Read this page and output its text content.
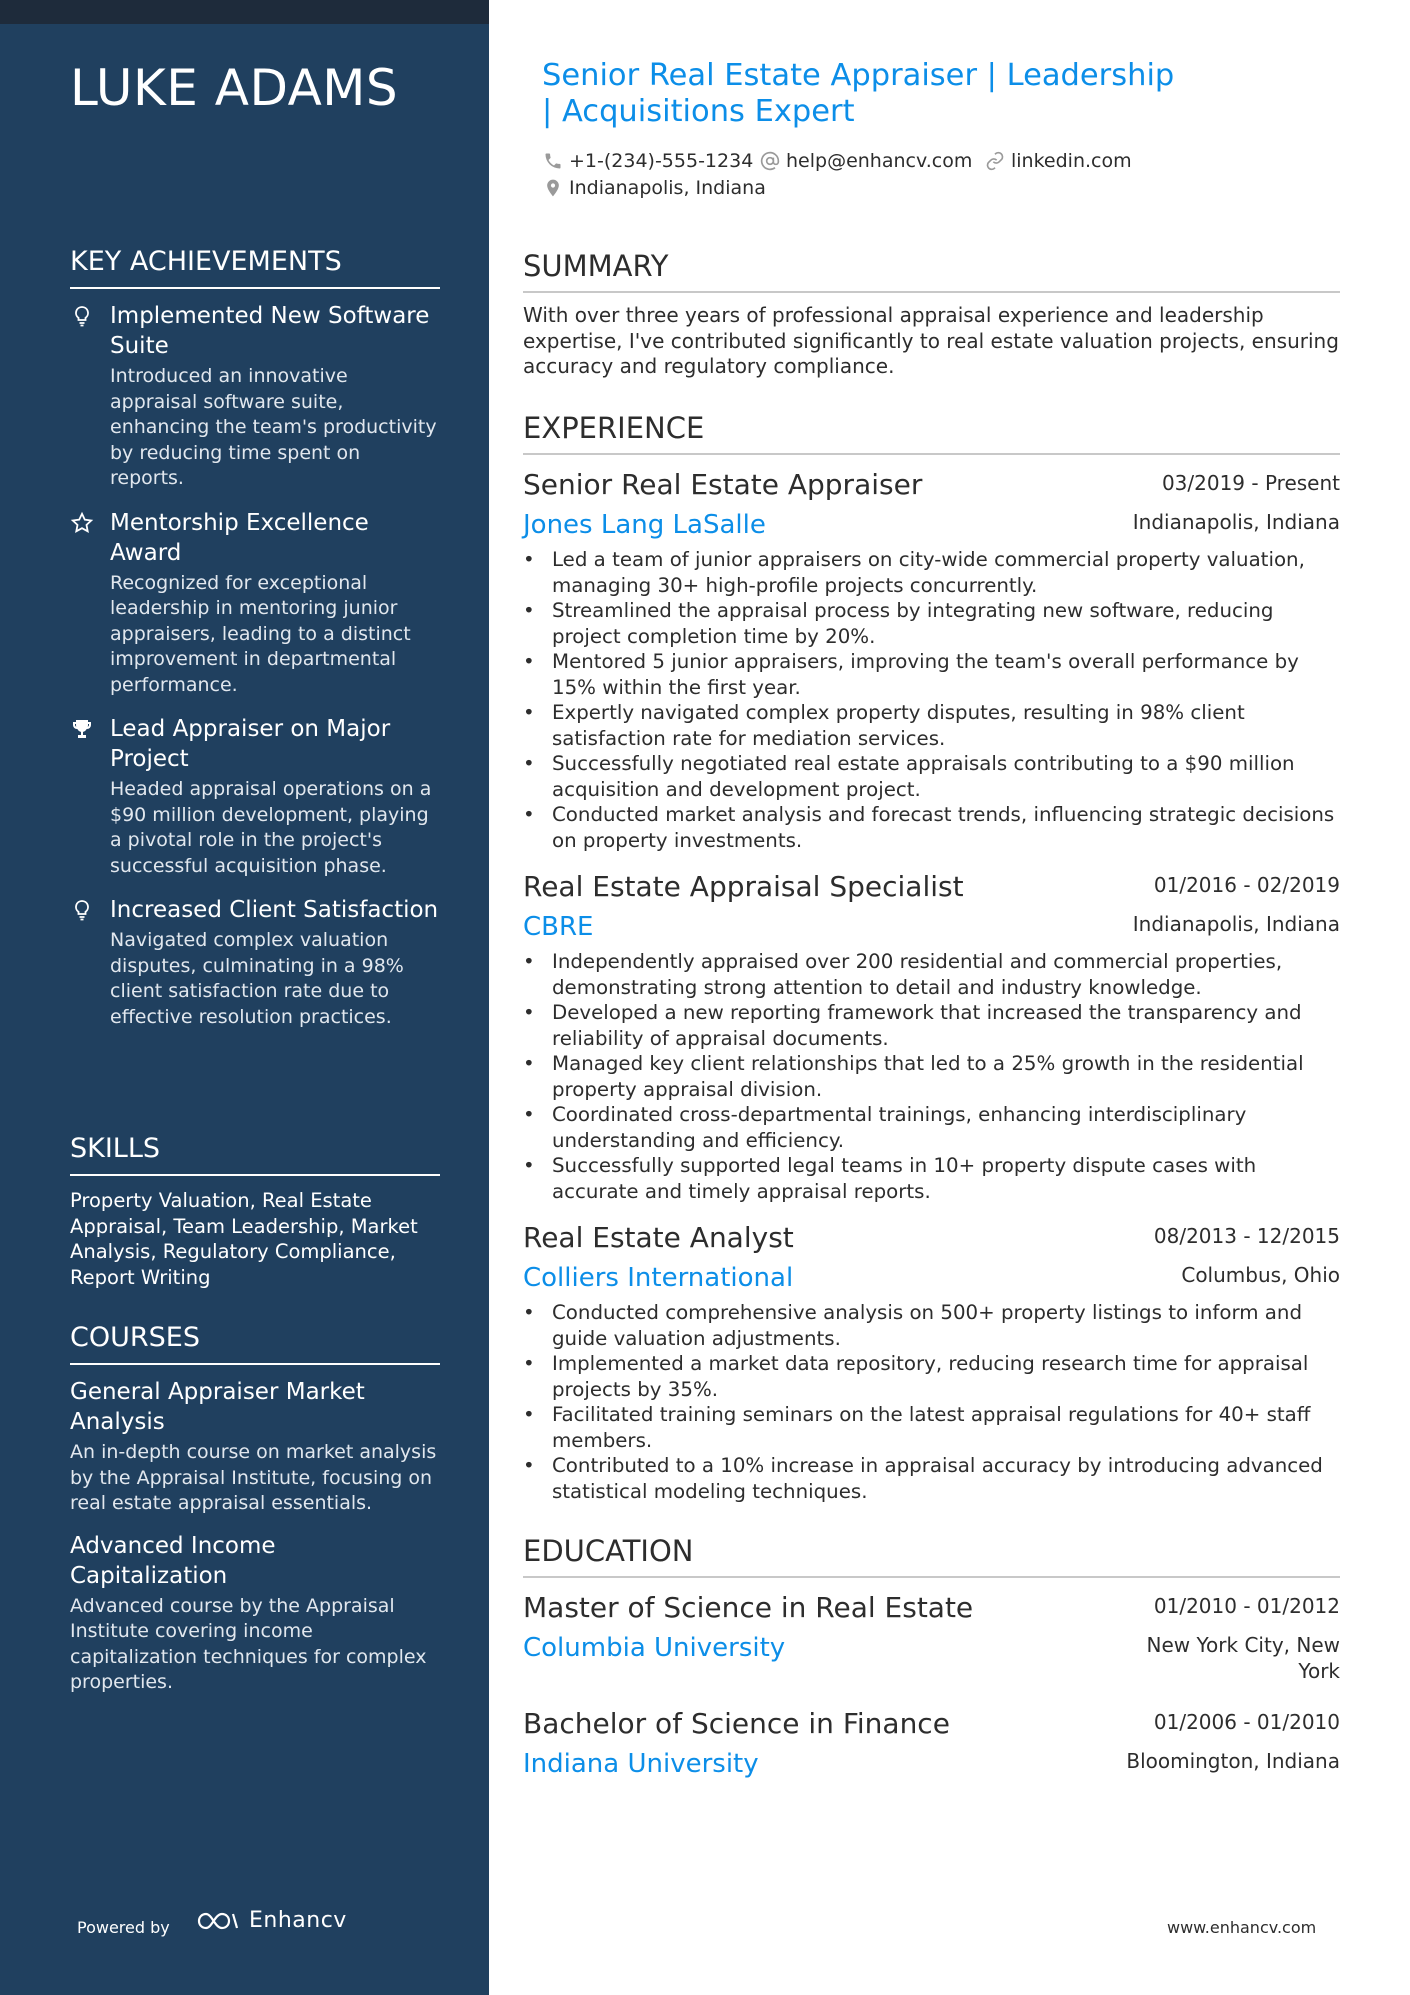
LUKE ADAMS
KEY ACHIEVEMENTS
Implemented New Software Suite
Introduced an innovative appraisal software suite, enhancing the team's productivity by reducing time spent on reports.
Mentorship Excellence Award
Recognized for exceptional leadership in mentoring junior appraisers, leading to a distinct improvement in departmental performance.
Lead Appraiser on Major Project
Headed appraisal operations on a $90 million development, playing a pivotal role in the project's successful acquisition phase.
Increased Client Satisfaction
Navigated complex valuation disputes, culminating in a 98% client satisfaction rate due to effective resolution practices.
SKILLS
Property Valuation, Real Estate Appraisal, Team Leadership, Market Analysis, Regulatory Compliance, Report Writing
COURSES
General Appraiser Market Analysis
An in-depth course on market analysis by the Appraisal Institute, focusing on real estate appraisal essentials.
Advanced Income Capitalization
Advanced course by the Appraisal Institute covering income capitalization techniques for complex properties.
Powered by	Enhancv
Senior Real Estate Appraiser | Leadership | Acquisitions Expert
+1-(234)-555-1234 help@enhancv.com linkedin.com
Indianapolis, Indiana
SUMMARY
With over three years of professional appraisal experience and leadership expertise, I've contributed significantly to real estate valuation projects, ensuring accuracy and regulatory compliance.
EXPERIENCE
Senior Real Estate Appraiser	03/2019 - Present
Jones Lang LaSalle	Indianapolis, Indiana
• Led a team of junior appraisers on city-wide commercial property valuation, managing 30+ high-profile projects concurrently.
• Streamlined the appraisal process by integrating new software, reducing project completion time by 20%.
• Mentored 5 junior appraisers, improving the team's overall performance by 15% within the first year.
• Expertly navigated complex property disputes, resulting in 98% client satisfaction rate for mediation services.
• Successfully negotiated real estate appraisals contributing to a $90 million acquisition and development project.
• Conducted market analysis and forecast trends, influencing strategic decisions on property investments.
Real Estate Appraisal Specialist	01/2016 - 02/2019
CBRE	Indianapolis, Indiana
• Independently appraised over 200 residential and commercial properties, demonstrating strong attention to detail and industry knowledge.
• Developed a new reporting framework that increased the transparency and reliability of appraisal documents.
• Managed key client relationships that led to a 25% growth in the residential property appraisal division.
• Coordinated cross-departmental trainings, enhancing interdisciplinary understanding and efficiency.
• Successfully supported legal teams in 10+ property dispute cases with accurate and timely appraisal reports.
Real Estate Analyst	08/2013 - 12/2015
Colliers International	Columbus, Ohio
• Conducted comprehensive analysis on 500+ property listings to inform and guide valuation adjustments.
• Implemented a market data repository, reducing research time for appraisal projects by 35%.
• Facilitated training seminars on the latest appraisal regulations for 40+ staff members.
• Contributed to a 10% increase in appraisal accuracy by introducing advanced statistical modeling techniques.
EDUCATION
Master of Science in Real Estate	01/2010 - 01/2012
Columbia University	New York City, New York
Bachelor of Science in Finance	01/2006 - 01/2010
Indiana University	Bloomington, Indiana
www.enhancv.com
